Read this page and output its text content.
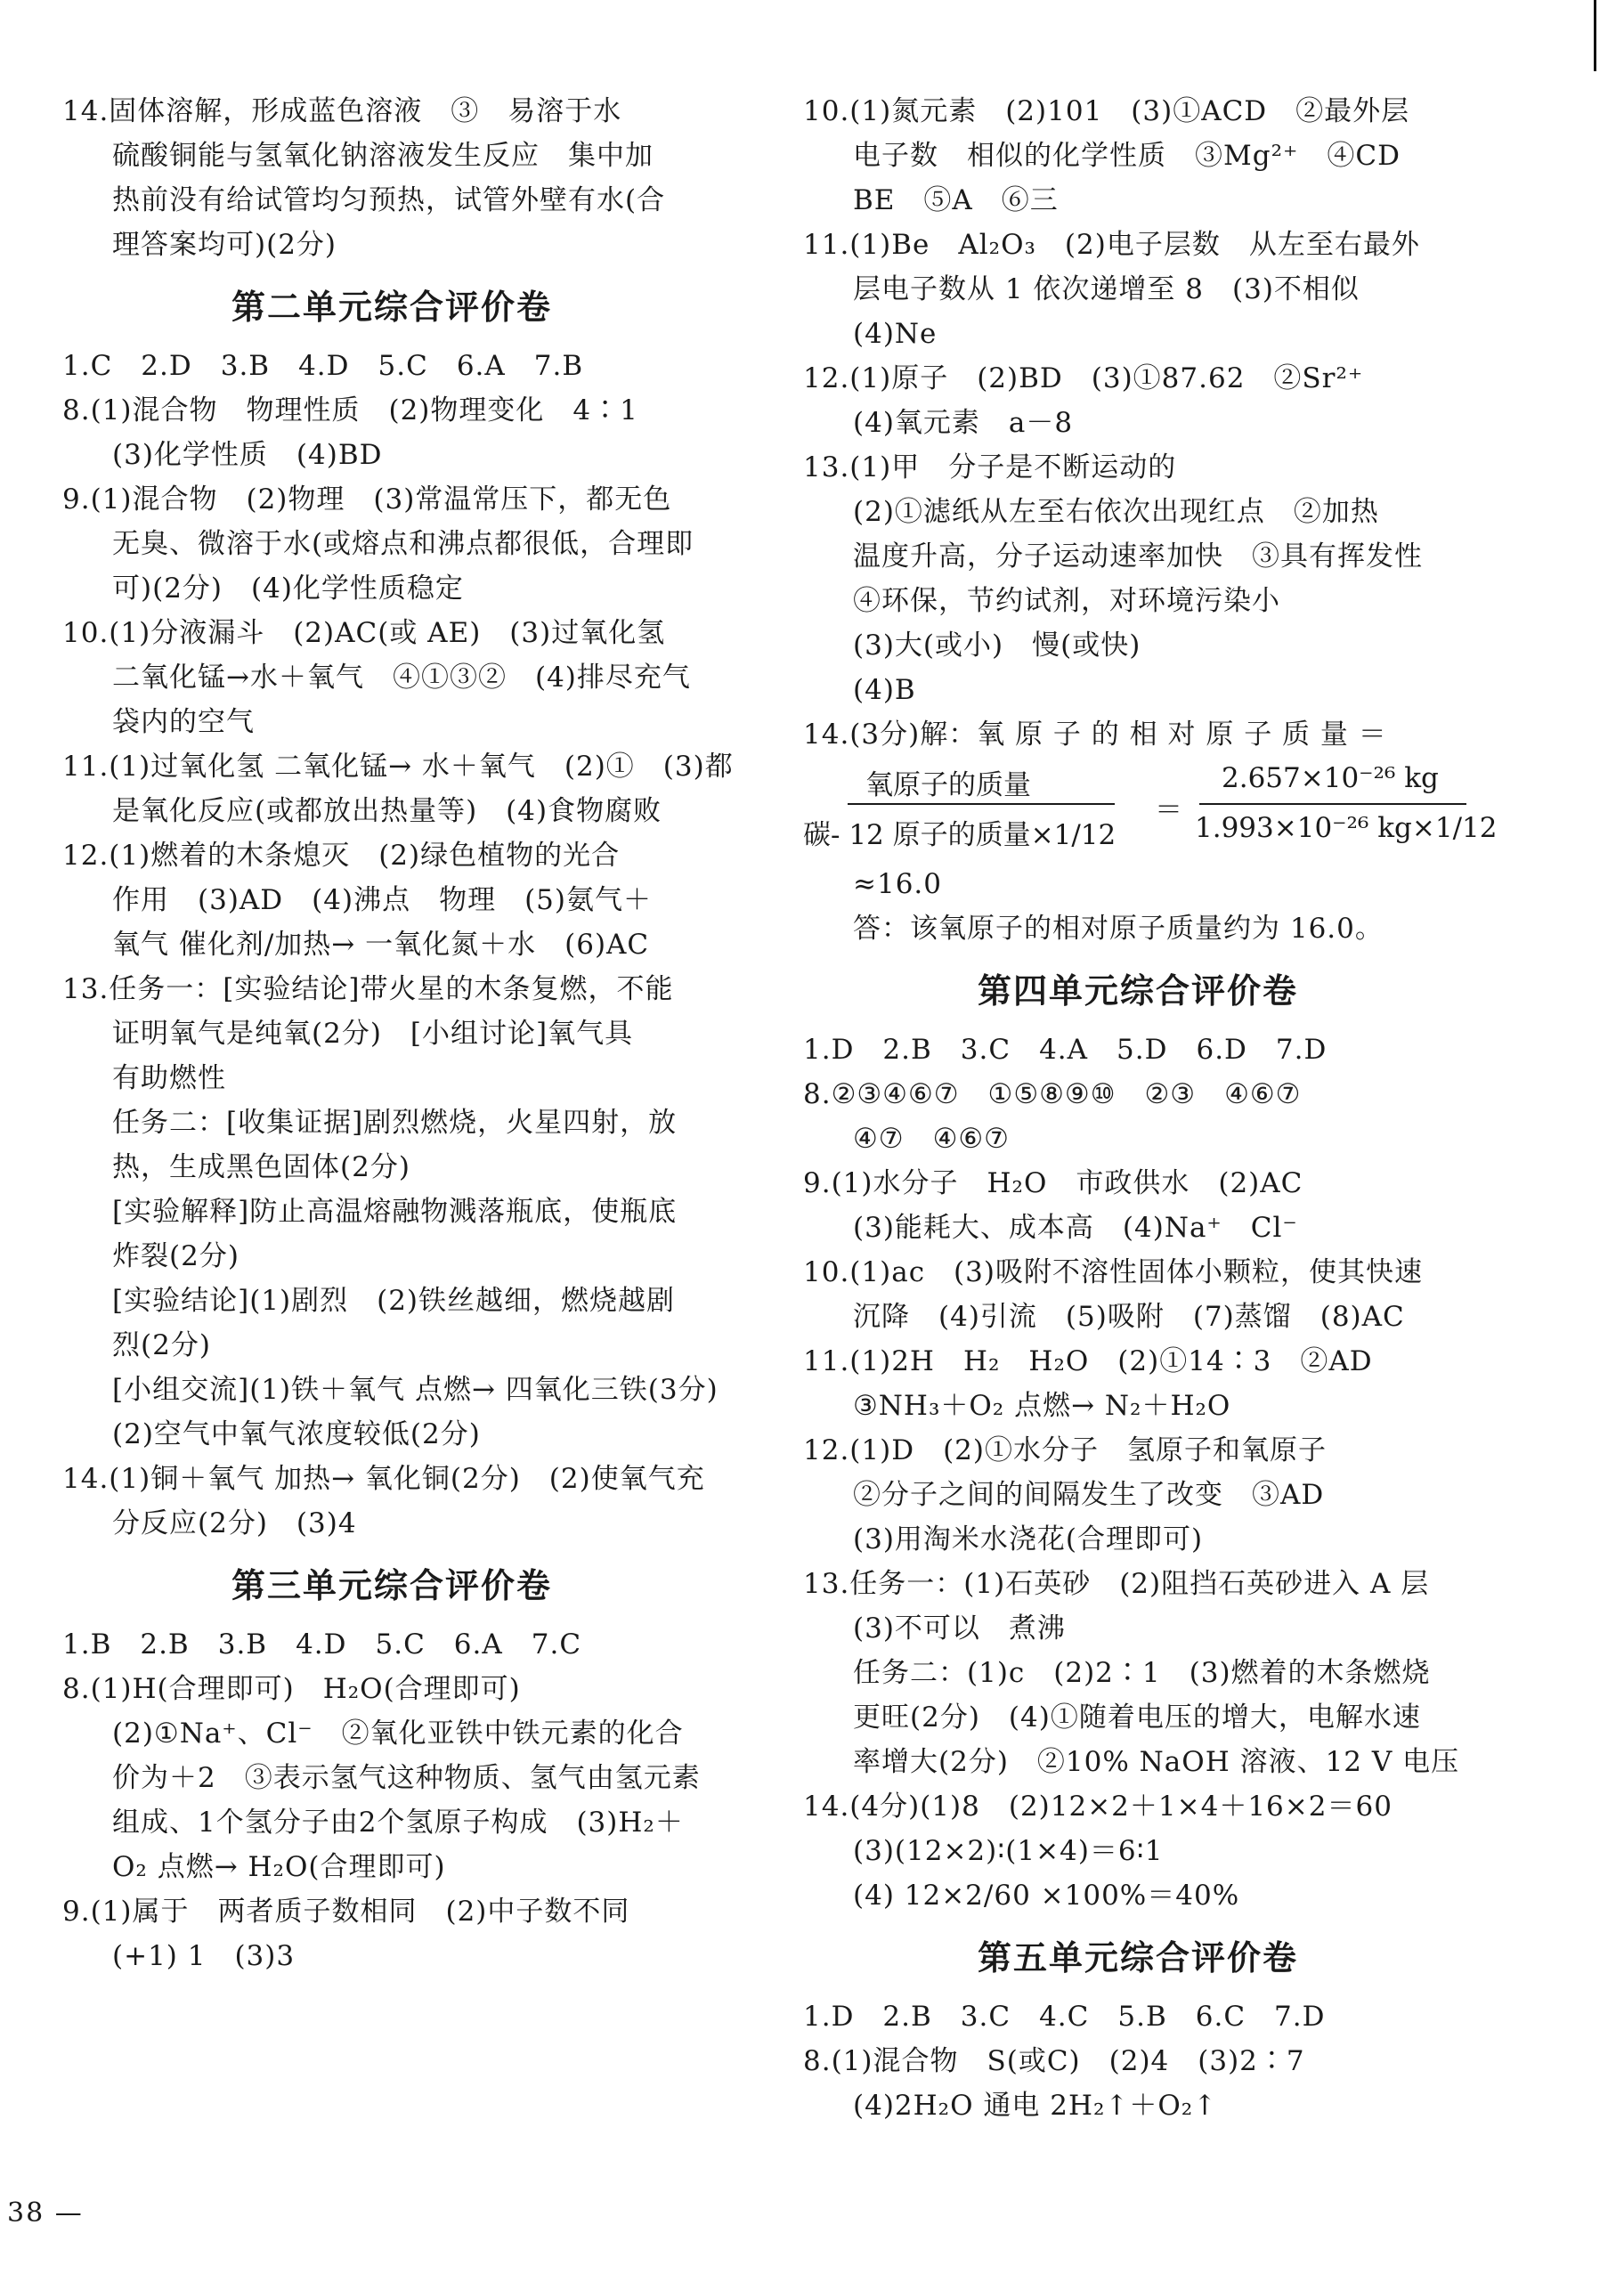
14.固体溶解，形成蓝色溶液　③　易溶于水
硫酸铜能与氢氧化钠溶液发生反应　集中加
热前没有给试管均匀预热，试管外壁有水(合
理答案均可)(2分)
第二单元综合评价卷
1.C　2.D　3.B　4.D　5.C　6.A　7.B
8.(1)混合物　物理性质　(2)物理变化　4∶1
(3)化学性质　(4)BD
9.(1)混合物　(2)物理　(3)常温常压下，都无色
无臭、微溶于水(或熔点和沸点都很低，合理即
可)(2分)　(4)化学性质稳定
10.(1)分液漏斗　(2)AC(或 AE)　(3)过氧化氢
二氧化锰→水＋氧气　④①③②　(4)排尽充气
袋内的空气
11.(1)过氧化氢 二氧化锰→ 水＋氧气　(2)①　(3)都
是氧化反应(或都放出热量等)　(4)食物腐败
12.(1)燃着的木条熄灭　(2)绿色植物的光合
作用　(3)AD　(4)沸点　物理　(5)氨气＋
氧气 催化剂/加热→ 一氧化氮＋水　(6)AC
13.任务一：[实验结论]带火星的木条复燃，不能
证明氧气是纯氧(2分)　[小组讨论]氧气具
有助燃性
任务二：[收集证据]剧烈燃烧，火星四射，放
热，生成黑色固体(2分)
[实验解释]防止高温熔融物溅落瓶底，使瓶底
炸裂(2分)
[实验结论](1)剧烈　(2)铁丝越细，燃烧越剧
烈(2分)
[小组交流](1)铁＋氧气 点燃→ 四氧化三铁(3分)
(2)空气中氧气浓度较低(2分)
14.(1)铜＋氧气 加热→ 氧化铜(2分)　(2)使氧气充
分反应(2分)　(3)4
第三单元综合评价卷
1.B　2.B　3.B　4.D　5.C　6.A　7.C
8.(1)H(合理即可)　H₂O(合理即可)
(2)①Na⁺、Cl⁻　②氧化亚铁中铁元素的化合
价为＋2　③表示氢气这种物质、氢气由氢元素
组成、1个氢分子由2个氢原子构成　(3)H₂＋
O₂ 点燃→ H₂O(合理即可)
9.(1)属于　两者质子数相同　(2)中子数不同
(+1) 1　(3)3
10.(1)氮元素　(2)101　(3)①ACD　②最外层
电子数　相似的化学性质　③Mg²⁺　④CD
BE　⑤A　⑥三
11.(1)Be　Al₂O₃　(2)电子层数　从左至右最外
层电子数从 1 依次递增至 8　(3)不相似
(4)Ne
12.(1)原子　(2)BD　(3)①87.62　②Sr²⁺
(4)氧元素　a－8
13.(1)甲　分子是不断运动的
(2)①滤纸从左至右依次出现红点　②加热
温度升高，分子运动速率加快　③具有挥发性
④环保，节约试剂，对环境污染小
(3)大(或小)　慢(或快)
(4)B
14.(3分)解：氧 原 子 的 相 对 原 子 质 量 ＝
氧原子的质量
碳- 12 原子的质量×1/12
＝
2.657×10⁻²⁶ kg
1.993×10⁻²⁶ kg×1/12
≈16.0
答：该氧原子的相对原子质量约为 16.0。
第四单元综合评价卷
1.D　2.B　3.C　4.A　5.D　6.D　7.D
8.②③④⑥⑦　①⑤⑧⑨⑩　②③　④⑥⑦
④⑦　④⑥⑦
9.(1)水分子　H₂O　市政供水　(2)AC
(3)能耗大、成本高　(4)Na⁺　Cl⁻
10.(1)ac　(3)吸附不溶性固体小颗粒，使其快速
沉降　(4)引流　(5)吸附　(7)蒸馏　(8)AC
11.(1)2H　H₂　H₂O　(2)①14∶3　②AD
③NH₃＋O₂ 点燃→ N₂＋H₂O
12.(1)D　(2)①水分子　氢原子和氧原子
②分子之间的间隔发生了改变　③AD
(3)用淘米水浇花(合理即可)
13.任务一：(1)石英砂　(2)阻挡石英砂进入 A 层
(3)不可以　煮沸
任务二：(1)c　(2)2∶1　(3)燃着的木条燃烧
更旺(2分)　(4)①随着电压的增大，电解水速
率增大(2分)　②10% NaOH 溶液、12 V 电压
14.(4分)(1)8　(2)12×2＋1×4＋16×2＝60
(3)(12×2)∶(1×4)＝6∶1
(4) 12×2/60 ×100%＝40%
第五单元综合评价卷
1.D　2.B　3.C　4.C　5.B　6.C　7.D
8.(1)混合物　S(或C)　(2)4　(3)2∶7
(4)2H₂O 通电 2H₂↑＋O₂↑
38 —
